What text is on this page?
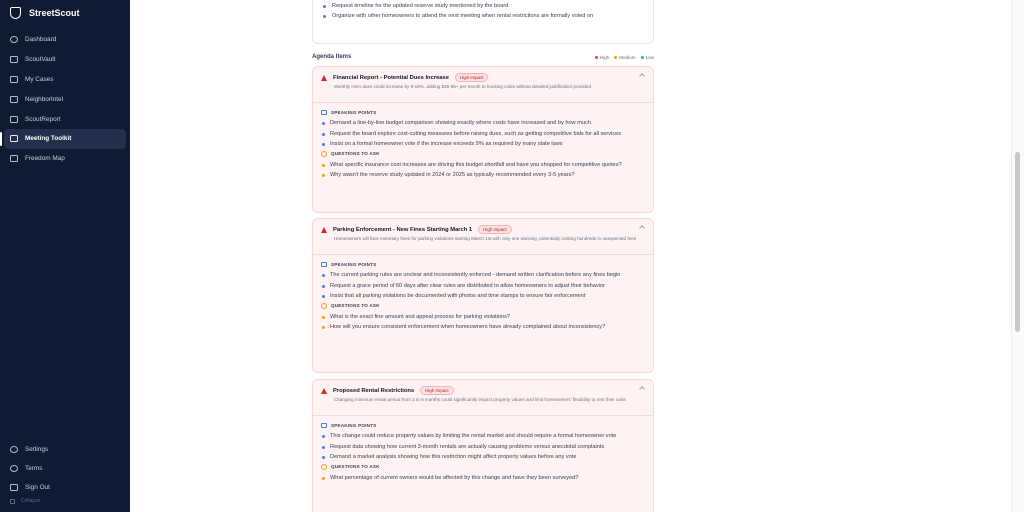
StreetScout
Dashboard
ScoutVault
My Cases
NeighborIntel
ScoutReport
Meeting Toolkit
Freedom Map
Settings
Terms
Sign Out
Collapse
Request timeline for the updated reserve study mentioned by the board
Organize with other homeowners to attend the next meeting when rental restrictions are formally voted on
Agenda Items	High Medium Low
Financial Report - Potential Dues Increase	High Impact
Monthly HOA dues could increase by 8-15%, adding $35-65+ per month to housing costs without detailed justification provided
SPEAKING POINTS
Demand a line-by-line budget comparison showing exactly where costs have increased and by how much
Request the board explore cost-cutting measures before raising dues, such as getting competitive bids for all services
Insist on a formal homeowner vote if the increase exceeds 5% as required by many state laws
QUESTIONS TO ASK
What specific insurance cost increases are driving this budget shortfall and have you shopped for competitive quotes?
Why wasn't the reserve study updated in 2024 or 2025 as typically recommended every 3-5 years?
Parking Enforcement - New Fines Starting March 1	High Impact
Homeowners will face monetary fines for parking violations starting March 1st with only one warning, potentially costing hundreds in unexpected fees
SPEAKING POINTS
The current parking rules are unclear and inconsistently enforced - demand written clarification before any fines begin
Request a grace period of 60 days after clear rules are distributed to allow homeowners to adjust their behavior
Insist that all parking violations be documented with photos and time stamps to ensure fair enforcement
QUESTIONS TO ASK
What is the exact fine amount and appeal process for parking violations?
How will you ensure consistent enforcement when homeowners have already complained about inconsistency?
Proposed Rental Restrictions	High Impact
Changing minimum rental period from 3 to 6 months could significantly impact property values and limit homeowners' flexibility to rent their units
SPEAKING POINTS
This change could reduce property values by limiting the rental market and should require a formal homeowner vote
Request data showing how current 3-month rentals are actually causing problems versus anecdotal complaints
Demand a market analysis showing how this restriction might affect property values before any vote
QUESTIONS TO ASK
What percentage of current owners would be affected by this change and have they been surveyed?
